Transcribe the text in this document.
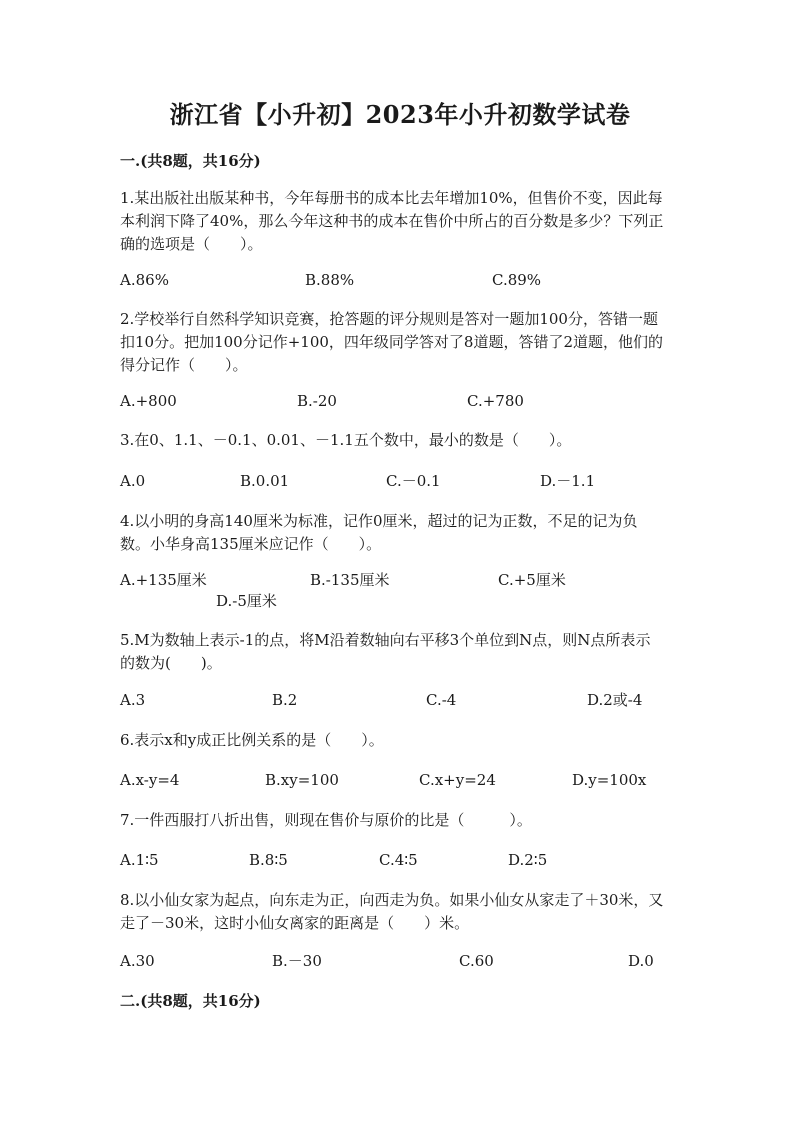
浙江省【小升初】2023年小升初数学试卷
一.(共8题，共16分)
1.某出版社出版某种书，今年每册书的成本比去年增加10%，但售价不变，因此每本利润下降了40%，那么今年这种书的成本在售价中所占的百分数是多少？下列正确的选项是（　　）。
A.86%	B.88%	C.89%
2.学校举行自然科学知识竞赛，抢答题的评分规则是答对一题加100分，答错一题扣10分。把加100分记作+100，四年级同学答对了8道题，答错了2道题，他们的得分记作（　　）。
A.+800	B.-20	C.+780
3.在0、1.1、－0.1、0.01、－1.1五个数中，最小的数是（　　）。
A.0	B.0.01	C.－0.1	D.－1.1
4.以小明的身高140厘米为标准，记作0厘米，超过的记为正数，不足的记为负数。小华身高135厘米应记作（　　）。
A.+135厘米	B.-135厘米	C.+5厘米
D.-5厘米
5.M为数轴上表示-1的点，将M沿着数轴向右平移3个单位到N点，则N点所表示的数为(　　)。
A.3	B.2	C.-4	D.2或-4
6.表示x和y成正比例关系的是（　　）。
A.x-y=4	B.xy=100	C.x+y=24	D.y=100x
7.一件西服打八折出售，则现在售价与原价的比是（　　　）。
A.1∶5	B.8∶5	C.4∶5	D.2∶5
8.以小仙女家为起点，向东走为正，向西走为负。如果小仙女从家走了＋30米，又走了－30米，这时小仙女离家的距离是（　　）米。
A.30	B.－30	C.60	D.0
二.(共8题，共16分)
